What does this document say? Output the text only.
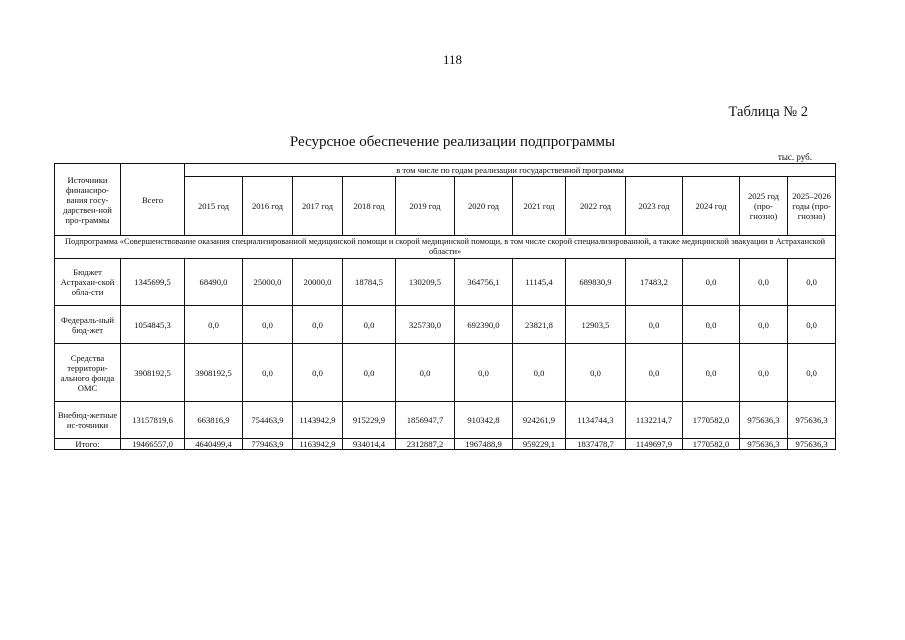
118
Таблица № 2
Ресурсное обеспечение реализации подпрограммы
тыс. руб.
Источники финансиро-вания госу-дарствен-ной про-граммы	Всего	в том числе по годам реализации государственной программы											
		2015 год	2016 год	2017 год	2018 год	2019 год	2020 год	2021 год	2022 год	2023 год	2024 год	2025 год (про-гнозно)	2025–2026 годы (про-гнозно)
Подпрограмма «Совершенствование оказания специализированной медицинской помощи и скорой медицинской помощи, в том числе скорой специализированной, а также медицинской эвакуации в Астраханской области»													
Бюджет Астрахан-ской обла-сти	1345699,5	68490,0	25000,0	20000,0	18784,5	130209,5	364756,1	11145,4	689830,9	17483,2	0,0	0,0	0,0
Федераль-ный бюд-жет	1054845,3	0,0	0,0	0,0	0,0	325730,0	692390,0	23821,8	12903,5	0,0	0,0	0,0	0,0
Средства территори-ального фонда ОМС	3908192,5	3908192,5	0,0	0,0	0,0	0,0	0,0	0,0	0,0	0,0	0,0	0,0	0,0
Внебюд-жетные ис-точники	13157819,6	663816,9	754463,9	1143942,9	915229,9	1856947,7	910342,8	924261,9	1134744,3	1132214,7	1770582,0	975636,3	975636,3
Итого:	19466557,0	4640499,4	779463,9	1163942,9	934014,4	2312887,2	1967488,9	959229,1	1837478,7	1149697,9	1770582,0	975636,3	975636,3
